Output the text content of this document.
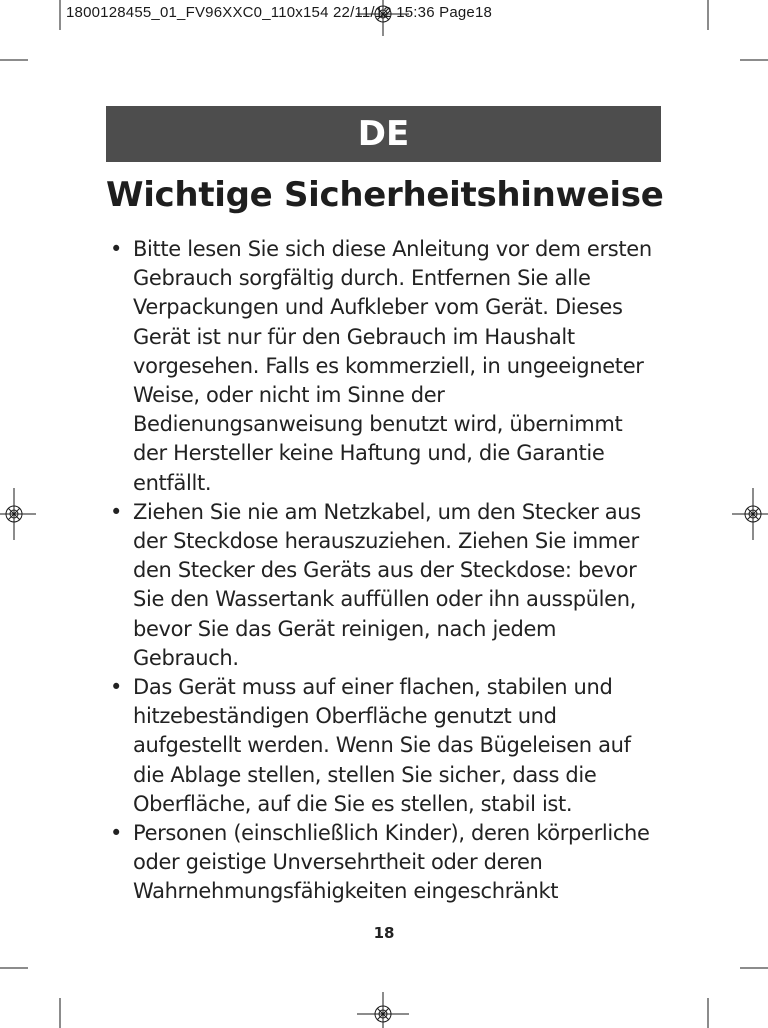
1800128455_01_FV96XXC0_110x154 22/11/12 15:36 Page18
DE
Wichtige Sicherheitshinweise
• Bitte lesen Sie sich diese Anleitung vor dem ersten Gebrauch sorgfältig durch. Entfernen Sie alle Verpackungen und Aufkleber vom Gerät. Dieses Gerät ist nur für den Gebrauch im Haushalt vorgesehen. Falls es kommerziell, in ungeeigneter Weise, oder nicht im Sinne der Bedienungsanweisung benutzt wird, übernimmt der Hersteller keine Haftung und, die Garantie entfällt.
• Ziehen Sie nie am Netzkabel, um den Stecker aus der Steckdose herauszuziehen. Ziehen Sie immer den Stecker des Geräts aus der Steckdose: bevor Sie den Wassertank auffüllen oder ihn ausspülen, bevor Sie das Gerät reinigen, nach jedem Gebrauch.
• Das Gerät muss auf einer flachen, stabilen und hitzebeständigen Oberfläche genutzt und aufgestellt werden. Wenn Sie das Bügeleisen auf die Ablage stellen, stellen Sie sicher, dass die Oberfläche, auf die Sie es stellen, stabil ist.
• Personen (einschließlich Kinder), deren körperliche oder geistige Unversehrtheit oder deren Wahrnehmungsfähigkeiten eingeschränkt
18
